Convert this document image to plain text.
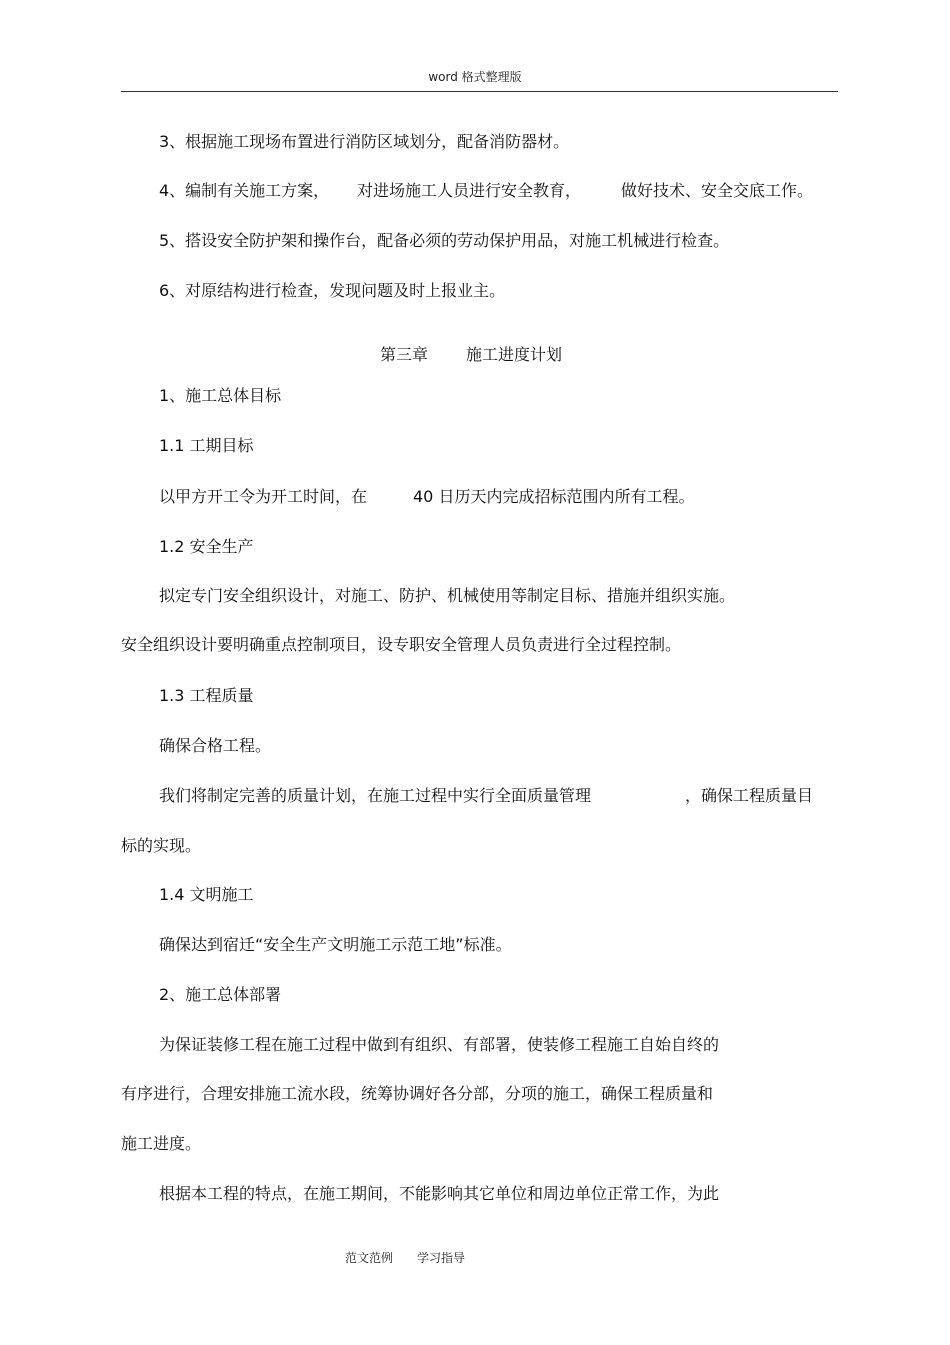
word 格式整理版
3、根据施工现场布置进行消防区域划分，配备消防器材。
4、编制有关施工方案， 对进场施工人员进行安全教育， 做好技术、安全交底工作。
5、搭设安全防护架和操作台，配备必须的劳动保护用品，对施工机械进行检查。
6、对原结构进行检查，发现问题及时上报业主。
第三章 施工进度计划
1、施工总体目标
1.1 工期目标
以甲方开工令为开工时间，在	40 日历天内完成招标范围内所有工程。
1.2 安全生产
拟定专门安全组织设计，对施工、防护、机械使用等制定目标、措施并组织实施。
安全组织设计要明确重点控制项目，设专职安全管理人员负责进行全过程控制。
1.3 工程质量
确保合格工程。
我们将制定完善的质量计划，在施工过程中实行全面质量管理	，确保工程质量目
标的实现。
1.4 文明施工
确保达到宿迁“安全生产文明施工示范工地”标准。
2、施工总体部署
为保证装修工程在施工过程中做到有组织、有部署，使装修工程施工自始自终的
有序进行，合理安排施工流水段，统筹协调好各分部，分项的施工，确保工程质量和
施工进度。
根据本工程的特点，在施工期间，不能影响其它单位和周边单位正常工作，为此
范文范例 学习指导
